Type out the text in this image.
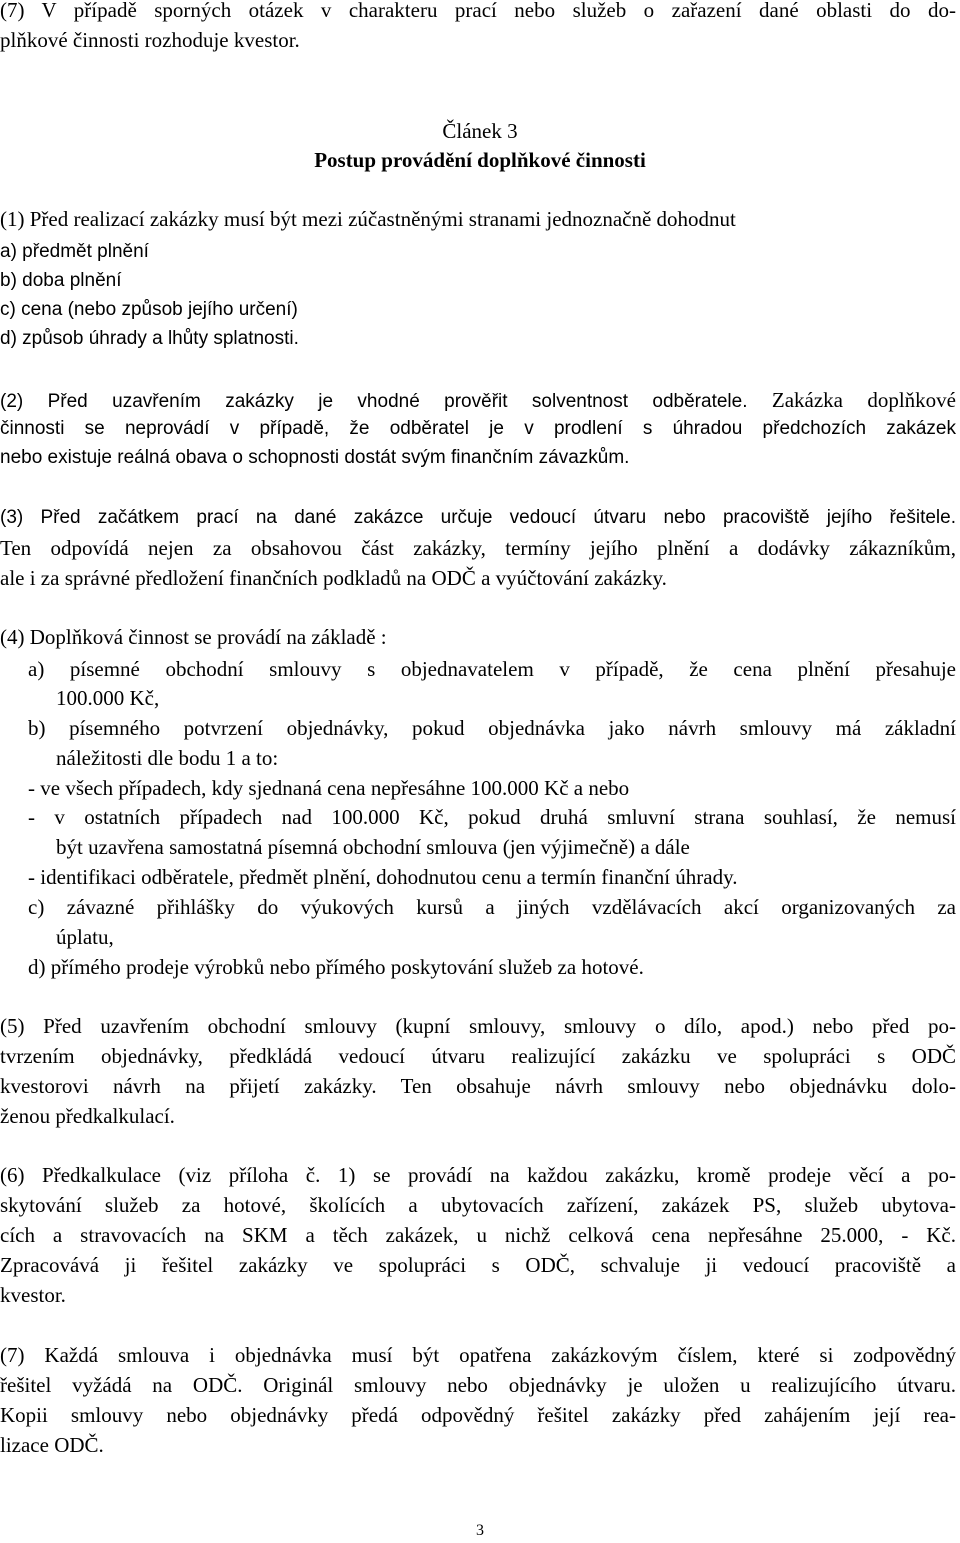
(7) V případě sporných otázek v charakteru prací nebo služeb o zařazení dané oblasti do do-
plňkové činnosti rozhoduje kvestor.
Článek 3
Postup provádění doplňkové činnosti
(1) Před realizací zakázky musí být mezi zúčastněnými stranami jednoznačně dohodnut
a) předmět plnění
b) doba plnění
c) cena (nebo způsob jejího určení)
d) způsob úhrady a lhůty splatnosti.
(2) Před uzavřením zakázky je vhodné prověřit solventnost odběratele. Zakázka doplňkové
činnosti se neprovádí v případě, že odběratel je v prodlení s úhradou předchozích zakázek
nebo existuje reálná obava o schopnosti dostát svým finančním závazkům.
(3) Před začátkem prací na dané zakázce určuje vedoucí útvaru nebo pracoviště jejího řešitele.
Ten odpovídá nejen za obsahovou část zakázky, termíny jejího plnění a dodávky zákazníkům,
ale i za správné předložení finančních podkladů na ODČ a vyúčtování zakázky.
(4) Doplňková činnost se provádí na základě :
a) písemné obchodní smlouvy s objednavatelem v případě, že cena plnění přesahuje
100.000 Kč,
b) písemného potvrzení objednávky, pokud objednávka jako návrh smlouvy má základní
náležitosti dle bodu 1 a to:
- ve všech případech, kdy sjednaná cena nepřesáhne 100.000 Kč a nebo
- v ostatních případech nad 100.000 Kč, pokud druhá smluvní strana souhlasí, že nemusí
být uzavřena samostatná písemná obchodní smlouva (jen výjimečně) a dále
- identifikaci odběratele, předmět plnění, dohodnutou cenu a termín finanční úhrady.
c) závazné přihlášky do výukových kursů a jiných vzdělávacích akcí organizovaných za
úplatu,
d) přímého prodeje výrobků nebo přímého poskytování služeb za hotové.
(5) Před uzavřením obchodní smlouvy (kupní smlouvy, smlouvy o dílo, apod.) nebo před po-
tvrzením objednávky, předkládá vedoucí útvaru realizující zakázku ve spolupráci s ODČ
kvestorovi návrh na přijetí zakázky. Ten obsahuje návrh smlouvy nebo objednávku dolo-
ženou předkalkulací.
(6) Předkalkulace (viz příloha č. 1) se provádí na každou zakázku, kromě prodeje věcí a po-
skytování služeb za hotové, školících a ubytovacích zařízení, zakázek PS, služeb ubytova-
cích a stravovacích na SKM a těch zakázek, u nichž celková cena nepřesáhne 25.000, - Kč.
Zpracovává ji řešitel zakázky ve spolupráci s ODČ, schvaluje ji vedoucí pracoviště a
kvestor.
(7) Každá smlouva i objednávka musí být opatřena zakázkovým číslem, které si zodpovědný
řešitel vyžádá na ODČ. Originál smlouvy nebo objednávky je uložen u realizujícího útvaru.
Kopii smlouvy nebo objednávky předá odpovědný řešitel zakázky před zahájením její rea-
lizace ODČ.
3
